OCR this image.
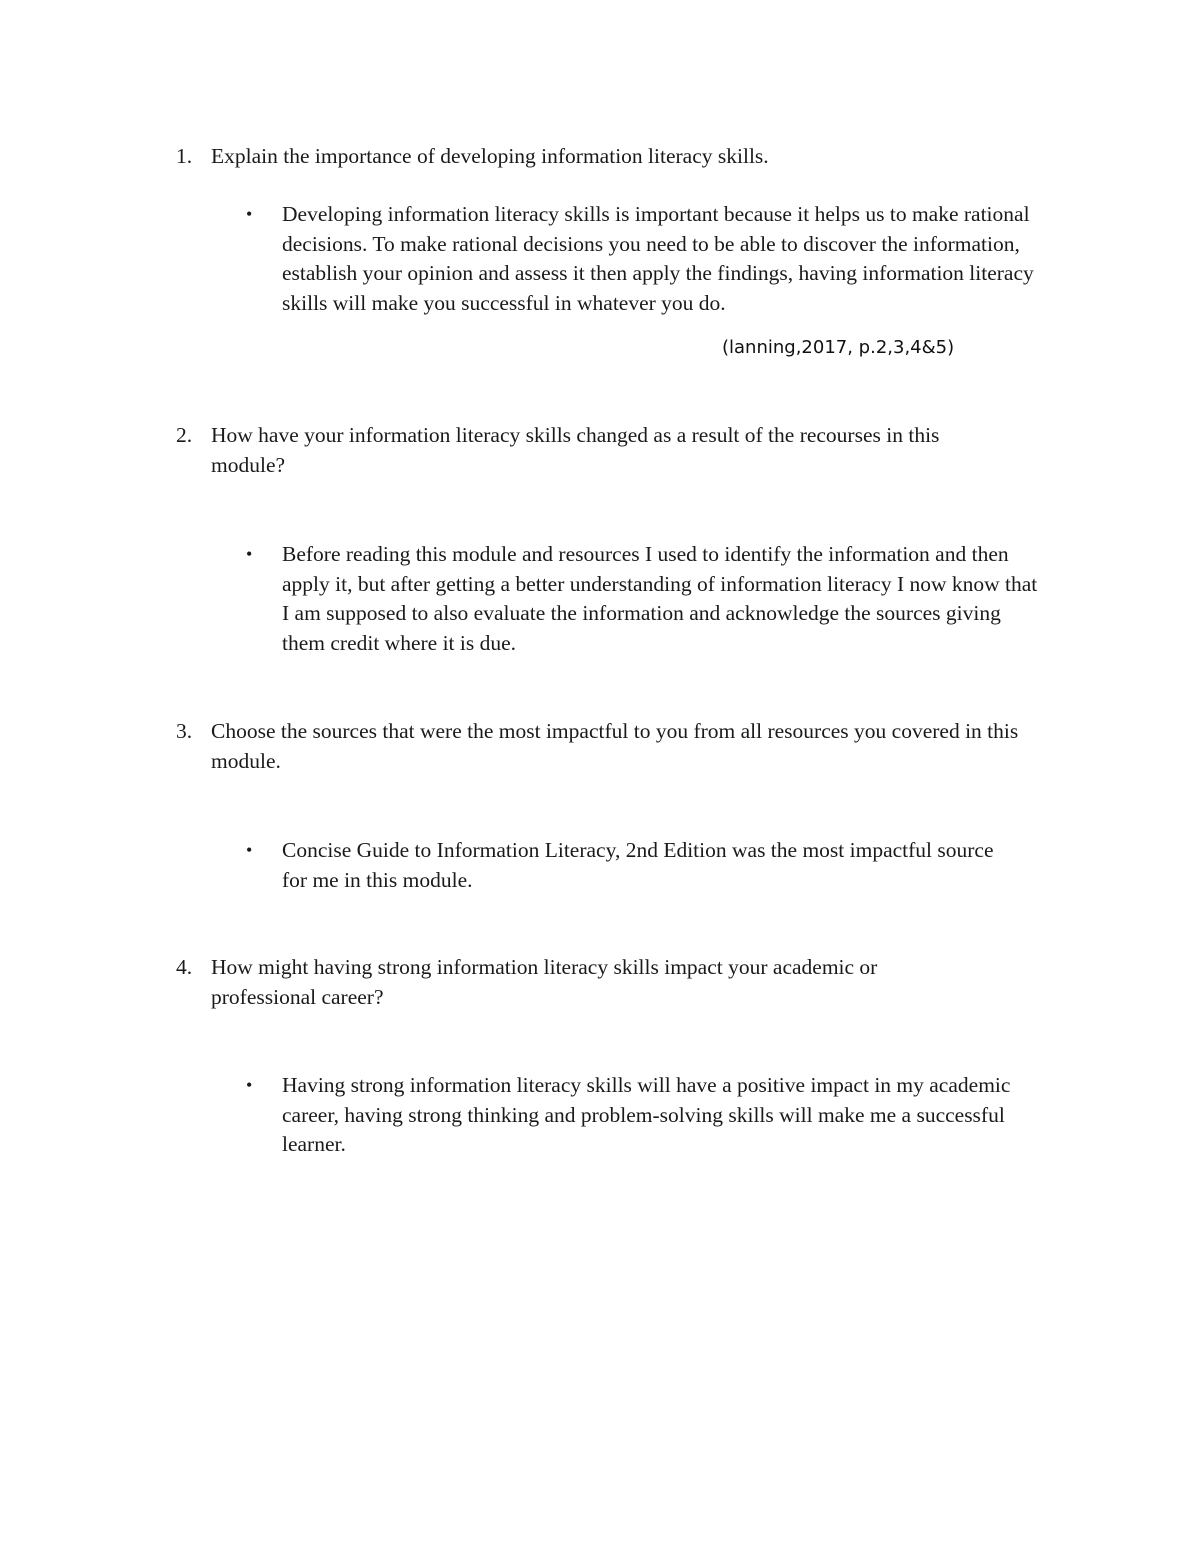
1. Explain the importance of developing information literacy skills.
•	Developing information literacy skills is important because it helps us to make rational decisions. To make rational decisions you need to be able to discover the information, establish your opinion and assess it then apply the findings, having information literacy skills will make you successful in whatever you do.
(lanning,2017, p.2,3,4&5)
2. How have your information literacy skills changed as a result of the recourses in this module?
•	Before reading this module and resources I used to identify the information and then apply it, but after getting a better understanding of information literacy I now know that I am supposed to also evaluate the information and acknowledge the sources giving them credit where it is due.
3. Choose the sources that were the most impactful to you from all resources you covered in this module.
•	Concise Guide to Information Literacy, 2nd Edition was the most impactful source for me in this module.
4. How might having strong information literacy skills impact your academic or professional career?
•	Having strong information literacy skills will have a positive impact in my academic career, having strong thinking and problem-solving skills will make me a successful learner.
